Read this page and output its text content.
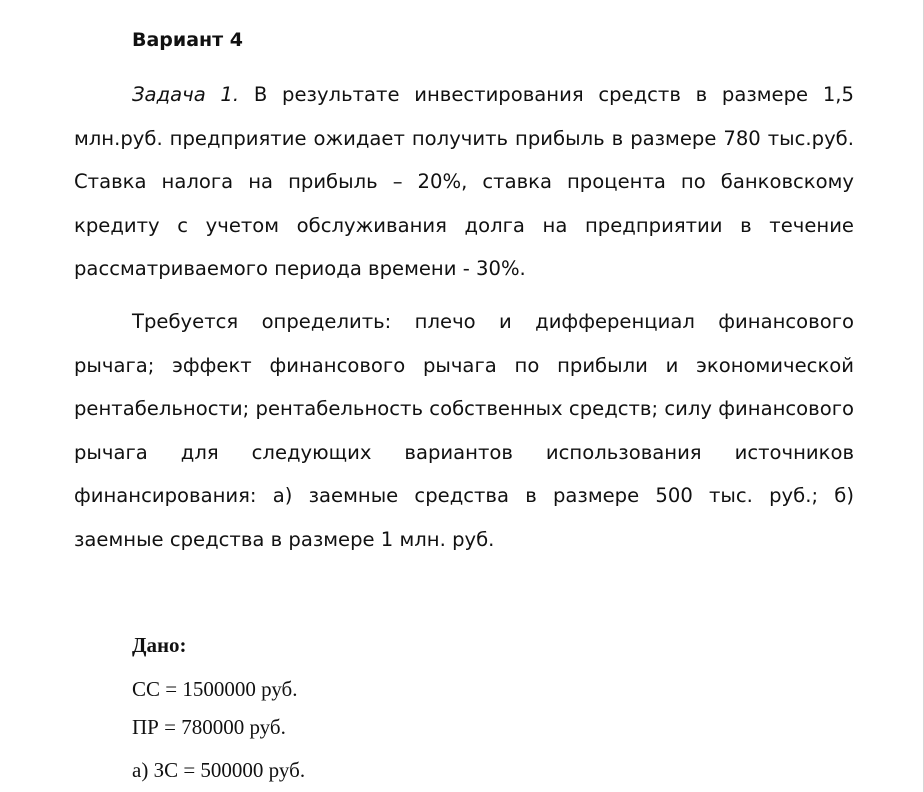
Вариант 4

Задача 1. В результате инвестирования средств в размере 1,5 млн.руб. предприятие ожидает получить прибыль в размере 780 тыс.руб. Ставка налога на прибыль – 20%, ставка процента по банковскому кредиту с учетом обслуживания долга на предприятии в течение рассматриваемого периода времени - 30%.

Требуется определить: плечо и дифференциал финансового рычага; эффект финансового рычага по прибыли и экономической рентабельности; рентабельность собственных средств; силу финансового рычага для следующих вариантов использования источников финансирования: а) заемные средства в размере 500 тыс. руб.; б) заемные средства в размере 1 млн. руб.

Дано:
СС = 1500000 руб.
ПР = 780000 руб.
а) ЗС = 500000 руб.
